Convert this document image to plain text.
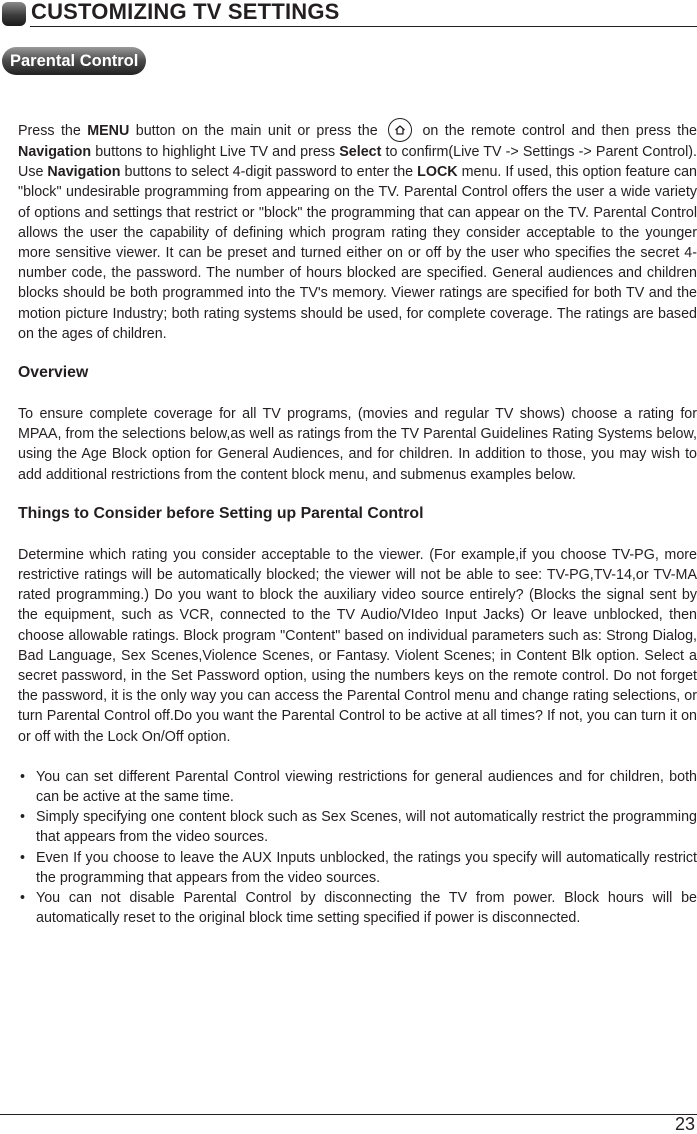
CUSTOMIZING TV SETTINGS
Parental Control

Press the MENU button on the main unit or press the
on the remote control and then press the Navigation buttons to highlight Live TV and press Select to confirm(Live TV -> Settings -> Parent Control). Use Navigation buttons to select 4-digit password to enter the LOCK menu. If used, this option feature can "block" undesirable programming from appearing on the TV. Parental Control offers the user a wide variety of options and settings that restrict or "block" the programming that can appear on the TV. Parental Control allows the user the capability of defining which program rating they consider acceptable to the younger more sensitive viewer. It can be preset and turned either on or off by the user who specifies the secret 4-number code, the password. The number of hours blocked are specified. General audiences and children blocks should be both programmed into the TV's memory. Viewer ratings are specified for both TV and the motion picture Industry; both rating systems should be used, for complete coverage. The ratings are based on the ages of children.

Overview

To ensure complete coverage for all TV programs, (movies and regular TV shows) choose a rating for MPAA, from the selections below,as well as ratings from the TV Parental Guidelines Rating Systems below, using the Age Block option for General Audiences, and for children. In addition to those, you may wish to add additional restrictions from the content block menu, and submenus examples below.

Things to Consider before Setting up Parental Control

Determine which rating you consider acceptable to the viewer. (For example,if you choose TV-PG, more restrictive ratings will be automatically blocked; the viewer will not be able to see: TV-PG,TV-14,or TV-MA rated programming.) Do you want to block the auxiliary video source entirely? (Blocks the signal sent by the equipment, such as VCR, connected to the TV Audio/VIdeo Input Jacks) Or leave unblocked, then choose allowable ratings. Block program "Content" based on individual parameters such as: Strong Dialog, Bad Language, Sex Scenes,Violence Scenes, or Fantasy. Violent Scenes; in Content Blk option. Select a secret password, in the Set Password option, using the numbers keys on the remote control. Do not forget the password, it is the only way you can access the Parental Control menu and change rating selections, or turn Parental Control off.Do you want the Parental Control to be active at all times? If not, you can turn it on or off with the Lock On/Off option.

• You can set different Parental Control viewing restrictions for general audiences and for children, both can be active at the same time.
• Simply specifying one content block such as Sex Scenes, will not automatically restrict the programming that appears from the video sources.
• Even If you choose to leave the AUX Inputs unblocked, the ratings you specify will automatically restrict the programming that appears from the video sources.
• You can not disable Parental Control by disconnecting the TV from power. Block hours will be automatically reset to the original block time setting specified if power is disconnected.
23
